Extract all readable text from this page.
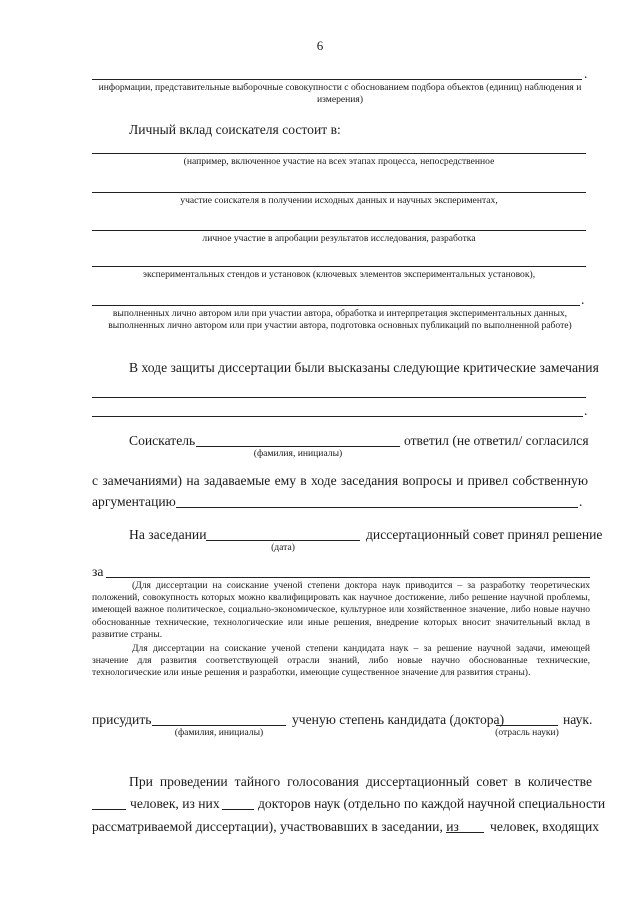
6
.
информации, представительные выборочные совокупности с обоснованием подбора объектов (единиц) наблюдения и измерения)
Личный вклад соискателя состоит в:
(например, включенное участие на всех этапах процесса, непосредственное
участие соискателя в получении исходных данных и научных экспериментах,
личное участие в апробации результатов исследования, разработка
экспериментальных стендов и установок (ключевых элементов экспериментальных установок),
.
выполненных лично автором или при участии автора, обработка и интерпретация экспериментальных данных, выполненных лично автором или при участии автора, подготовка основных публикаций по выполненной работе)
В ходе защиты диссертации были высказаны следующие критические замечания
.
Соискатель	ответил (не ответил/ согласился
(фамилия, инициалы)
с замечаниями) на задаваемые ему в ходе заседания вопросы и привел собственную
аргументацию	.
На заседании	диссертационный совет принял решение
(дата)
за
(Для диссертации на соискание ученой степени доктора наук приводится – за разработку теоретических положений, совокупность которых можно квалифицировать как научное достижение, либо решение научной проблемы, имеющей важное политическое, социально-экономическое, культурное или хозяйственное значение, либо новые научно обоснованные технические, технологические или иные решения, внедрение которых вносит значительный вклад в развитие страны.
Для диссертации на соискание ученой степени кандидата наук – за решение научной задачи, имеющей значение для развития соответствующей отрасли знаний, либо новые научно обоснованные технические, технологические или иные решения и разработки, имеющие существенное значение для развития страны).
присудить	ученую степень кандидата (доктора)	наук.
(фамилия, инициалы)	(отрасль науки)
При проведении тайного голосования диссертационный совет в количестве
человек, из них	докторов наук (отдельно по каждой научной специальности
рассматриваемой диссертации), участвовавших в заседании, из человек, входящих
